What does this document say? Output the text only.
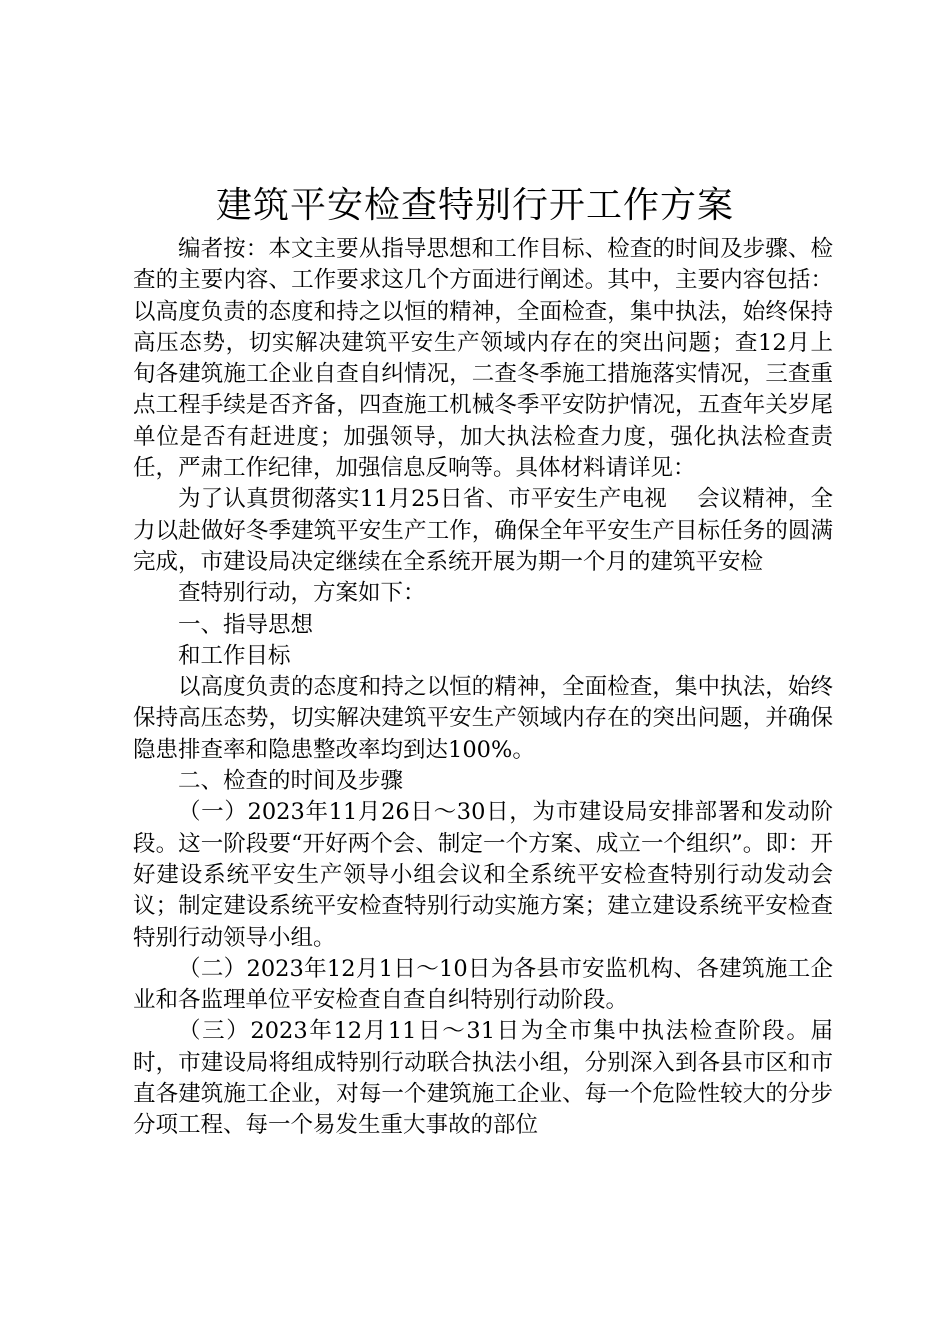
建筑平安检查特别行开工作方案

编者按：本文主要从指导思想和工作目标、检查的时间及步骤、检查的主要内容、工作要求这几个方面进行阐述。其中，主要内容包括：以高度负责的态度和持之以恒的精神，全面检查，集中执法，始终保持高压态势，切实解决建筑平安生产领域内存在的突出问题；查12月上旬各建筑施工企业自查自纠情况，二查冬季施工措施落实情况，三查重点工程手续是否齐备，四查施工机械冬季平安防护情况，五查年关岁尾单位是否有赶进度；加强领导，加大执法检查力度，强化执法检查责任，严肃工作纪律，加强信息反响等。具体材料请详见：

为了认真贯彻落实11月25日省、市平安生产电视　 会议精神，全力以赴做好冬季建筑平安生产工作，确保全年平安生产目标任务的圆满完成，市建设局决定继续在全系统开展为期一个月的建筑平安检

查特别行动，方案如下：

一、指导思想

和工作目标

以高度负责的态度和持之以恒的精神，全面检查，集中执法，始终保持高压态势，切实解决建筑平安生产领域内存在的突出问题，并确保隐患排查率和隐患整改率均到达100%。

二、检查的时间及步骤

（一）2023年11月26日～30日，为市建设局安排部署和发动阶段。这一阶段要“开好两个会、制定一个方案、成立一个组织”。即：开好建设系统平安生产领导小组会议和全系统平安检查特别行动发动会议；制定建设系统平安检查特别行动实施方案；建立建设系统平安检查特别行动领导小组。

（二）2023年12月1日～10日为各县市安监机构、各建筑施工企业和各监理单位平安检查自查自纠特别行动阶段。

（三）2023年12月11日～31日为全市集中执法检查阶段。届时，市建设局将组成特别行动联合执法小组，分别深入到各县市区和市直各建筑施工企业，对每一个建筑施工企业、每一个危险性较大的分步分项工程、每一个易发生重大事故的部位
